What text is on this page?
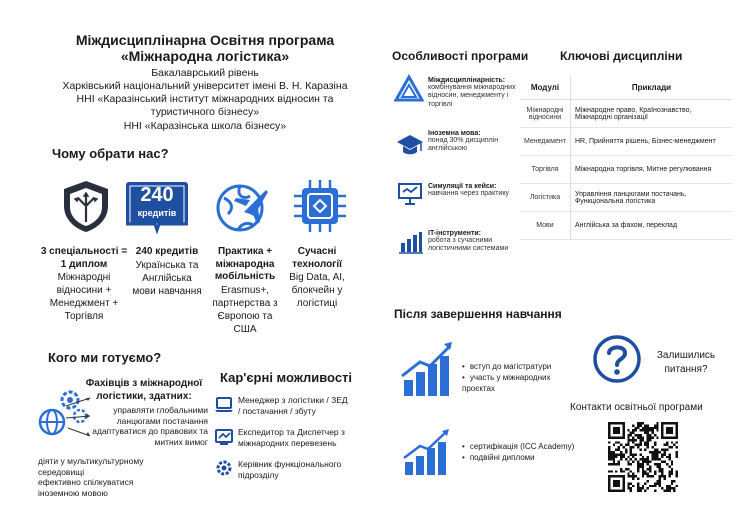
Міждисциплінарна Освітня програма
«Міжнародна логістика»
Бакалаврський рівень
Харківський національний університет імені В. Н. Каразіна
ННІ «Каразінський інститут міжнародних відносин та
туристичного бізнесу»
ННІ «Каразінська школа бізнесу»
Чому обрати нас?
240
кредитів
3 спеціальності = 1 диплом
Міжнародні відносини + Менеджмент + Торгівля
240 кредитів
Українська та Англійська мови навчання
Практика + міжнародна мобільність
Erasmus+, партнерства з Європою та США
Сучасні технології
Big Data, AI, блокчейн у логістиці
Кого ми готуємо?
Фахівців з міжнародної
логістики, здатних:
управляти глобальними
ланцюгами постачання
адаптуватися до правових та
митних вимог
діяти у мультикультурному
середовищі
ефективно спілкуватися
іноземною мовою
Кар'єрні можливості
Менеджер з логістики / ЗЕД
/ постачання / збуту
Експедитор та Диспетчер з
міжнародних перевезень
Керівник функціонального
підрозділу
Особливості програми
Міждисциплінарність:
комбінування міжнародних відносин, менеджменту і торгівлі
Іноземна мова:
понад 30% дисциплін англійською
Симуляції та кейси:
навчання через практику
IT-інструменти:
робота з сучасними логістичними системами
Ключові дисципліни
Модулі	Приклади
Міжнародні відносини	Міжнародне право, Країнознавство, Міжнародні організації
Менеджмент	HR, Прийняття рішень, Бізнес-менеджмент
Торгівля	Міжнародна торгівля, Митне регулювання
Логістика	Управління ланцюгами постачань, Функціональна логістика
Мови	Англійська за фахом, переклад
Після завершення навчання
• вступ до магістратури
• участь у міжнародних проєктах
• сертифікація (ICC Academy)
• подвійні дипломи
Залишились
питання?
Контакти освітньої програми
